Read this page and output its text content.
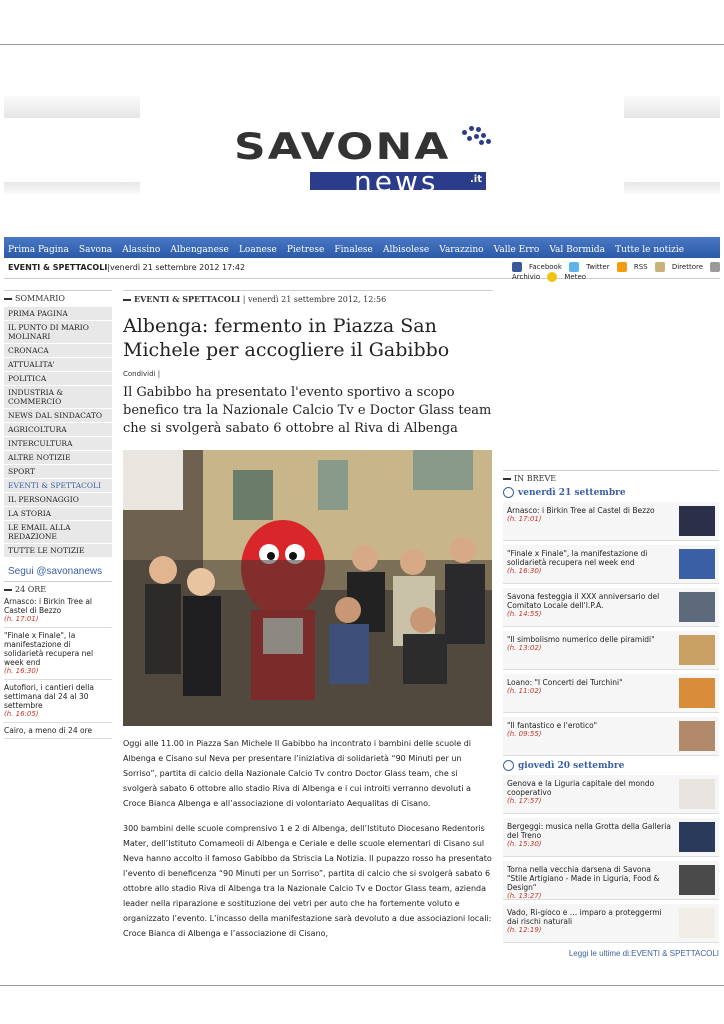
SAVONA
news	.it
Prima Pagina Savona Alassino Albenganese Loanese Pietrese Finalese Albisolese Varazzino Valle Erro Val Bormida Tutte le notizie
EVENTI & SPETTACOLI|venerdì 21 settembre 2012 17:42	Facebook	Twitter	RSS	Direttore Archivio	Meteo
SOMMARIO
PRIMA PAGINA
IL PUNTO DI MARIO MOLINARI
CRONACA
ATTUALITA'
POLITICA
INDUSTRIA & COMMERCIO
NEWS DAL SINDACATO
AGRICOLTURA
INTERCULTURA
ALTRE NOTIZIE
SPORT
EVENTI & SPETTACOLI
IL PERSONAGGIO
LA STORIA
LE EMAIL ALLA REDAZIONE
TUTTE LE NOTIZIE
Segui @savonanews
24 ORE
Arnasco: i Birkin Tree al Castel di Bezzo
(h. 17:01)
"Finale x Finale", la manifestazione di solidarietà recupera nel week end
(h. 16:30)
Autofiori, i cantieri della settimana dal 24 al 30 settembre
(h. 16:05)
Cairo, a meno di 24 ore
EVENTI & SPETTACOLI | venerdì 21 settembre 2012, 12:56
Albenga: fermento in Piazza San Michele per accogliere il Gabibbo
Condividi |
Il Gabibbo ha presentato l'evento sportivo a scopo benefico tra la Nazionale Calcio Tv e Doctor Glass team che si svolgerà sabato 6 ottobre al Riva di Albenga

Oggi alle 11.00 in Piazza San Michele Il Gabibbo ha incontrato i bambini delle scuole di Albenga e Cisano sul Neva per presentare l’iniziativa di solidarietà “90 Minuti per un Sorriso”, partita di calcio della Nazionale Calcio Tv contro Doctor Glass team, che si svolgerà sabato 6 ottobre allo stadio Riva di Albenga e i cui introiti verranno devoluti a Croce Bianca Albenga e all’associazione di volontariato Aequalitas di Cisano.

300 bambini delle scuole comprensivo 1 e 2 di Albenga, dell’Istituto Diocesano Redentoris Mater, dell’Istituto Comameoli di Albenga e Ceriale e delle scuole elementari di Cisano sul Neva hanno accolto il famoso Gabibbo da Striscia La Notizia. Il pupazzo rosso ha presentato l’evento di beneficenza “90 Minuti per un Sorriso”, partita di calcio che si svolgerà sabato 6 ottobre allo stadio Riva di Albenga tra la Nazionale Calcio Tv e Doctor Glass team, azienda leader nella riparazione e sostituzione dei vetri per auto che ha fortemente voluto e organizzato l’evento. L’incasso della manifestazione sarà devoluto a due associazioni locali: Croce Bianca di Albenga e l’associazione di Cisano,

IN BREVE
venerdì 21 settembre
Arnasco: i Birkin Tree al Castel di Bezzo
(h. 17:01)
"Finale x Finale", la manifestazione di solidarietà recupera nel week end
(h. 16:30)
Savona festeggia il XXX anniversario del Comitato Locale dell'I.P.A.
(h. 14:55)
"Il simbolismo numerico delle piramidi"
(h. 13:02)
Loano: "I Concerti dei Turchini"
(h. 11:02)
"Il fantastico e l'erotico"
(h. 09:55)
giovedì 20 settembre
Genova e la Liguria capitale del mondo cooperativo
(h. 17:57)
Bergeggi: musica nella Grotta della Galleria del Treno
(h. 15:30)
Torna nella vecchia darsena di Savona "Stile Artigiano - Made in Liguria, Food & Design"
(h. 13:27)
Vado, Ri-gioco e … imparo a proteggermi dai rischi naturali
(h. 12:19)
Leggi le ultime di:EVENTI & SPETTACOLI
